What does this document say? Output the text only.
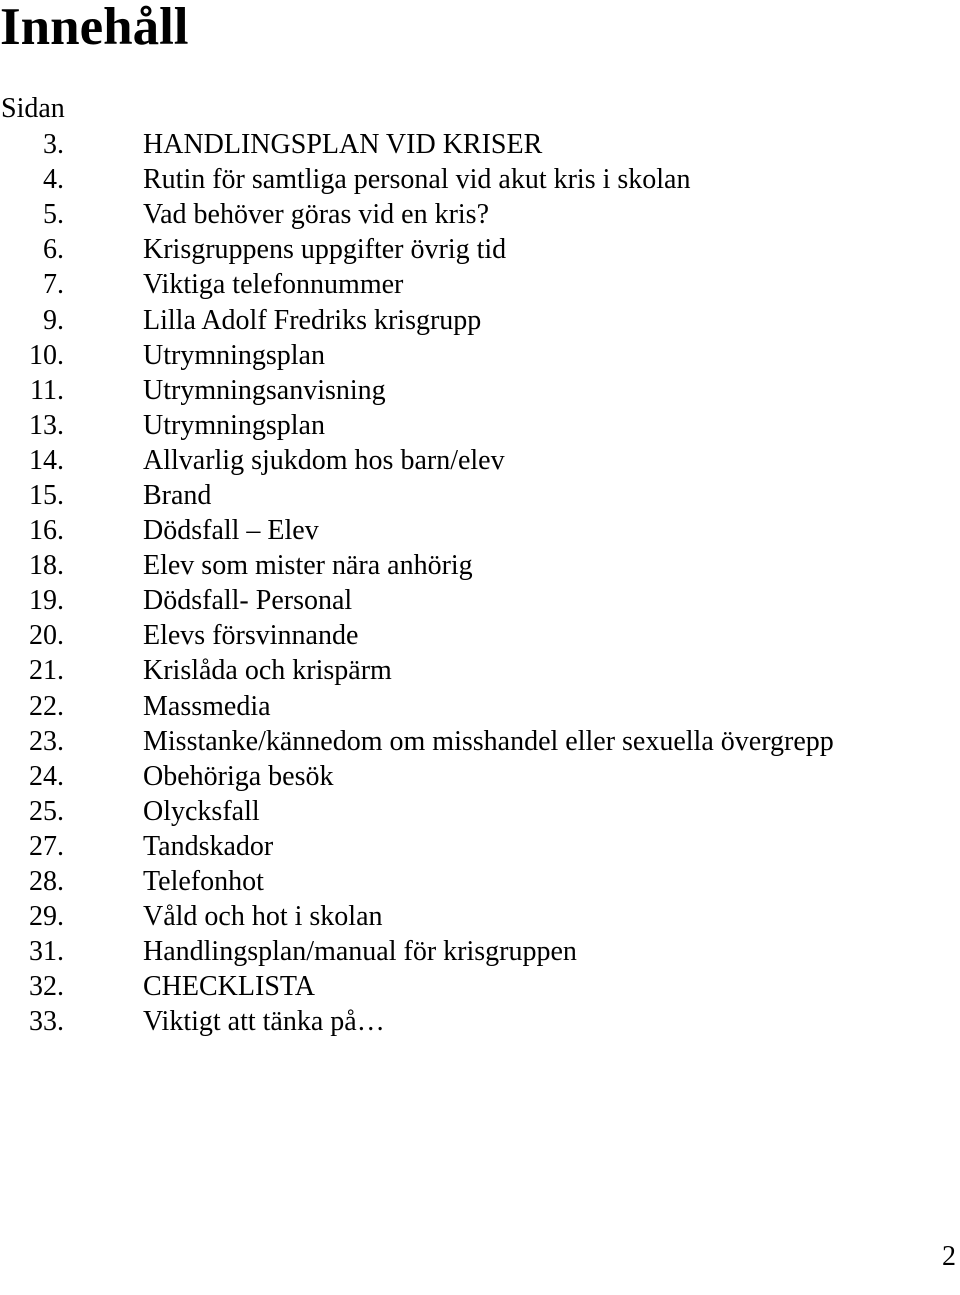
Innehåll
Sidan
3.	HANDLINGSPLAN VID KRISER
4.	Rutin för samtliga personal vid akut kris i skolan
5.	Vad behöver göras vid en kris?
6.	Krisgruppens uppgifter övrig tid
7.	Viktiga telefonnummer
9.	Lilla Adolf Fredriks krisgrupp
10.	Utrymningsplan
11.	Utrymningsanvisning
13.	Utrymningsplan
14.	Allvarlig sjukdom hos barn/elev
15.	Brand
16.	Dödsfall – Elev
18.	Elev som mister nära anhörig
19.	Dödsfall- Personal
20.	Elevs försvinnande
21.	Krislåda och krispärm
22.	Massmedia
23.	Misstanke/kännedom om misshandel eller sexuella övergrepp
24.	Obehöriga besök
25.	Olycksfall
27.	Tandskador
28.	Telefonhot
29.	Våld och hot i skolan
31.	Handlingsplan/manual för krisgruppen
32.	CHECKLISTA
33.	Viktigt att tänka på…
2
